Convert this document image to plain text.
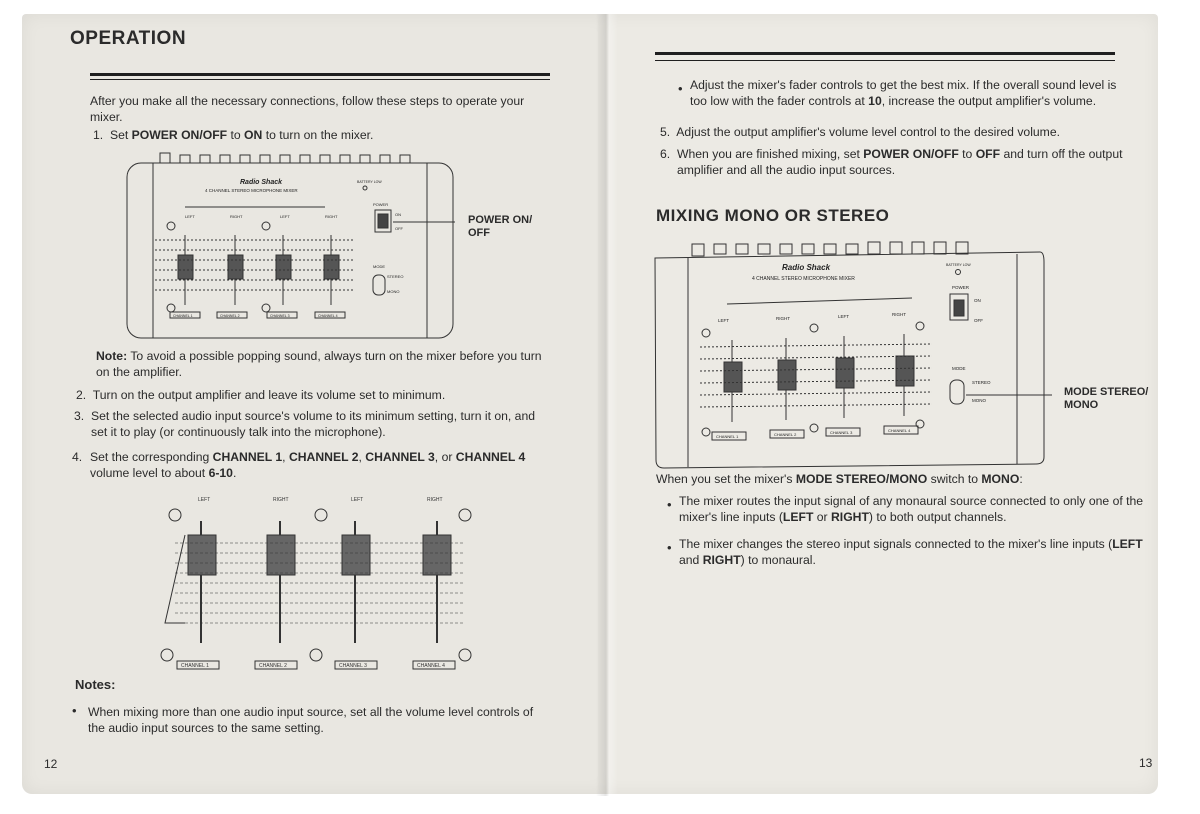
OPERATION
After you make all the necessary connections, follow these steps to operate your mixer.
1. Set POWER ON/OFF to ON to turn on the mixer.
Radio Shack
4 CHANNEL STEREO MICROPHONE MIXER
BATTERY LOW
POWER
ON
OFF
MODE
STEREO
MONO
LEFT	RIGHT	LEFT	RIGHT
CHANNEL 1	CHANNEL 2	CHANNEL 3	CHANNEL 4
POWER ON/
OFF
Note: To avoid a possible popping sound, always turn on the mixer before you turn on the amplifier.
2. Turn on the output amplifier and leave its volume set to minimum.
3. Set the selected audio input source's volume to its minimum setting, turn it on, and set it to play (or continuously talk into the microphone).
4. Set the corresponding CHANNEL 1, CHANNEL 2, CHANNEL 3, or CHANNEL 4 volume level to about 6-10.
LEFT	RIGHT	LEFT	RIGHT
CHANNEL 1	CHANNEL 2	CHANNEL 3	CHANNEL 4
Notes:
• When mixing more than one audio input source, set all the volume level controls of the audio input sources to the same setting.
12
• Adjust the mixer's fader controls to get the best mix. If the overall sound level is too low with the fader controls at 10, increase the output amplifier's volume.
5. Adjust the output amplifier's volume level control to the desired volume.
6. When you are finished mixing, set POWER ON/OFF to OFF and turn off the output amplifier and all the audio input sources.
MIXING MONO OR STEREO
Radio Shack
4 CHANNEL STEREO MICROPHONE MIXER
BATTERY LOW
POWER
ON
OFF
MODE
STEREO
MONO
LEFT	RIGHT	LEFT	RIGHT
CHANNEL 1	CHANNEL 2	CHANNEL 3	CHANNEL 4
MODE STEREO/
MONO
When you set the mixer's MODE STEREO/MONO switch to MONO:
• The mixer routes the input signal of any monaural source connected to only one of the mixer's line inputs (LEFT or RIGHT) to both output channels.
• The mixer changes the stereo input signals connected to the mixer's line inputs (LEFT and RIGHT) to monaural.
13
